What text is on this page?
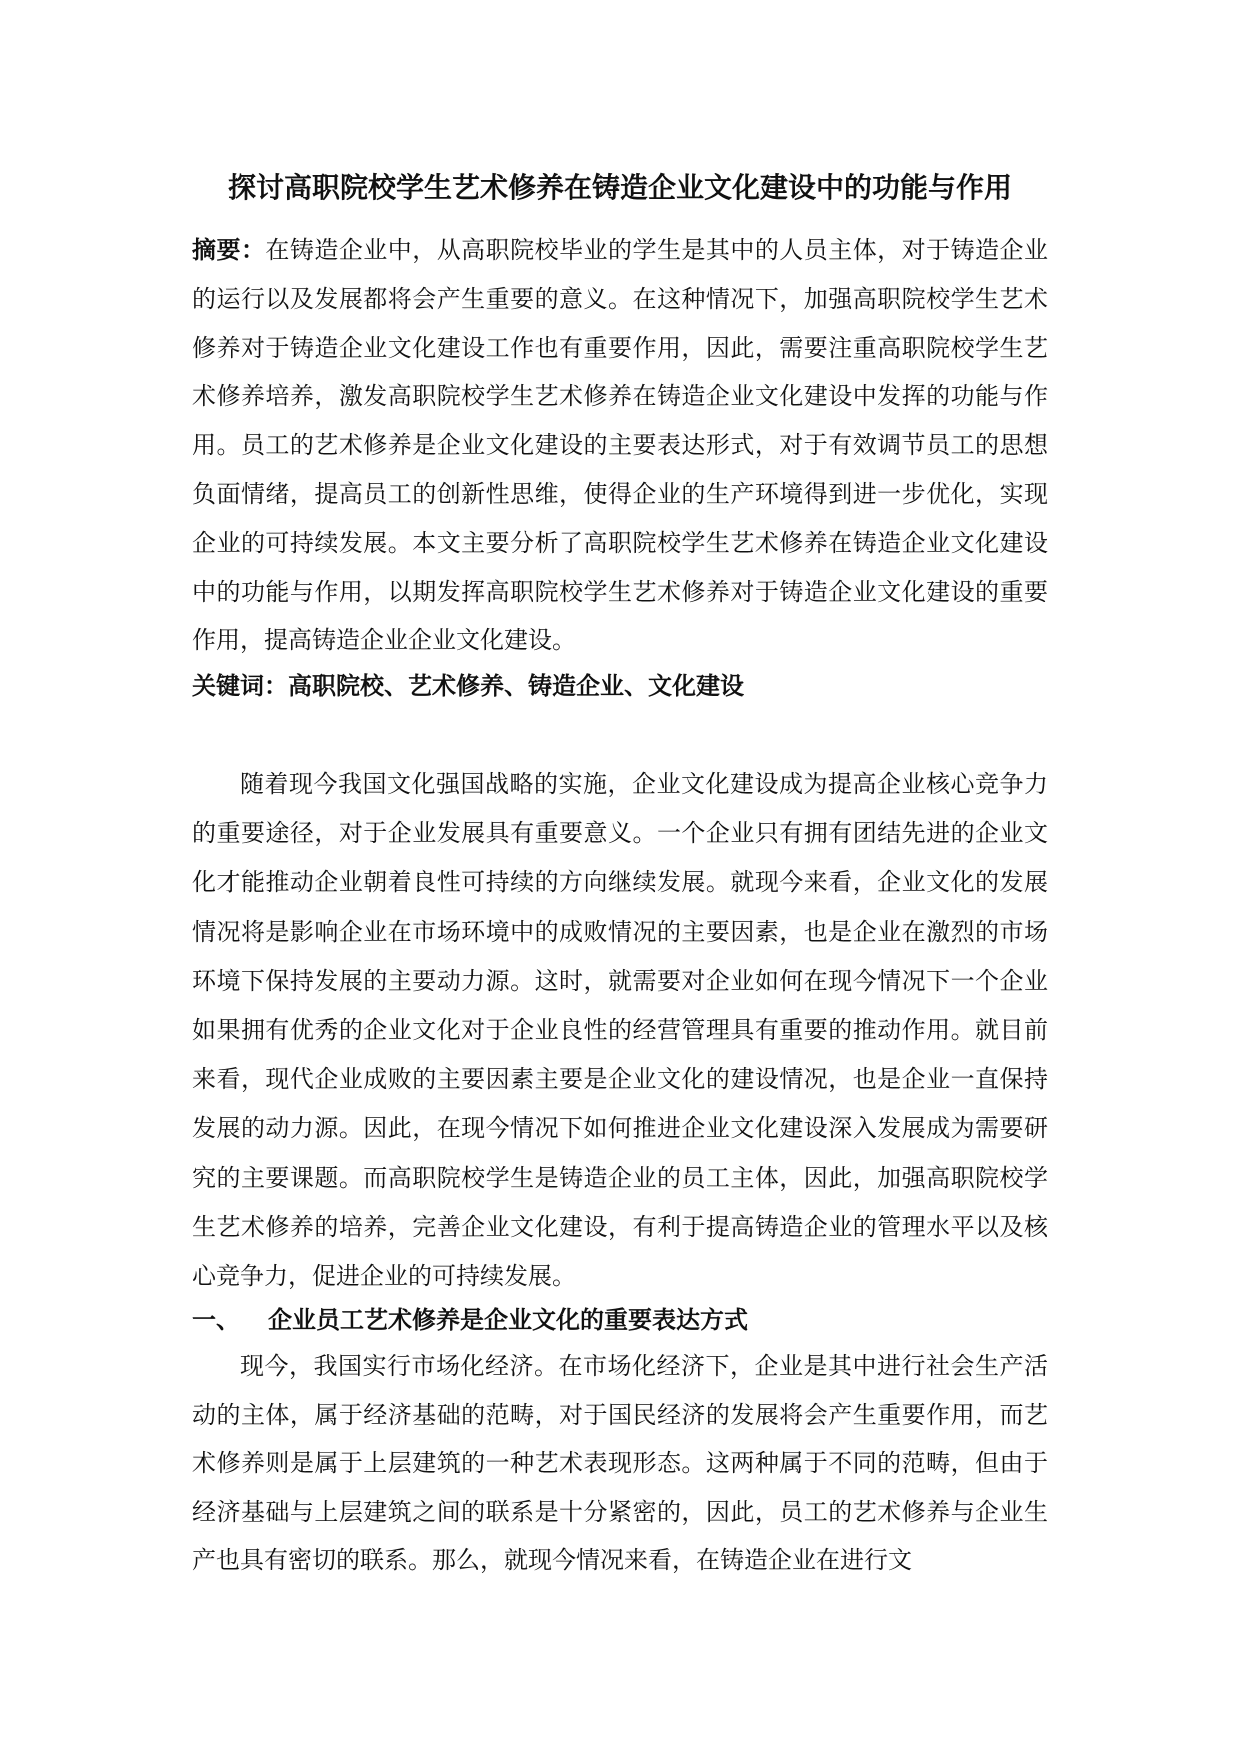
探讨高职院校学生艺术修养在铸造企业文化建设中的功能与作用
摘要：在铸造企业中，从高职院校毕业的学生是其中的人员主体，对于铸造企业的运行以及发展都将会产生重要的意义。在这种情况下，加强高职院校学生艺术修养对于铸造企业文化建设工作也有重要作用，因此，需要注重高职院校学生艺术修养培养，激发高职院校学生艺术修养在铸造企业文化建设中发挥的功能与作用。员工的艺术修养是企业文化建设的主要表达形式，对于有效调节员工的思想负面情绪，提高员工的创新性思维，使得企业的生产环境得到进一步优化，实现企业的可持续发展。本文主要分析了高职院校学生艺术修养在铸造企业文化建设中的功能与作用，以期发挥高职院校学生艺术修养对于铸造企业文化建设的重要作用，提高铸造企业企业文化建设。
关键词：高职院校、艺术修养、铸造企业、文化建设
随着现今我国文化强国战略的实施，企业文化建设成为提高企业核心竞争力的重要途径，对于企业发展具有重要意义。一个企业只有拥有团结先进的企业文化才能推动企业朝着良性可持续的方向继续发展。就现今来看，企业文化的发展情况将是影响企业在市场环境中的成败情况的主要因素，也是企业在激烈的市场环境下保持发展的主要动力源。这时，就需要对企业如何在现今情况下一个企业如果拥有优秀的企业文化对于企业良性的经营管理具有重要的推动作用。就目前来看，现代企业成败的主要因素主要是企业文化的建设情况，也是企业一直保持发展的动力源。因此，在现今情况下如何推进企业文化建设深入发展成为需要研究的主要课题。而高职院校学生是铸造企业的员工主体，因此，加强高职院校学生艺术修养的培养，完善企业文化建设，有利于提高铸造企业的管理水平以及核心竞争力，促进企业的可持续发展。
一、 企业员工艺术修养是企业文化的重要表达方式
现今，我国实行市场化经济。在市场化经济下，企业是其中进行社会生产活动的主体，属于经济基础的范畴，对于国民经济的发展将会产生重要作用，而艺术修养则是属于上层建筑的一种艺术表现形态。这两种属于不同的范畴，但由于经济基础与上层建筑之间的联系是十分紧密的，因此，员工的艺术修养与企业生产也具有密切的联系。那么，就现今情况来看，在铸造企业在进行文
